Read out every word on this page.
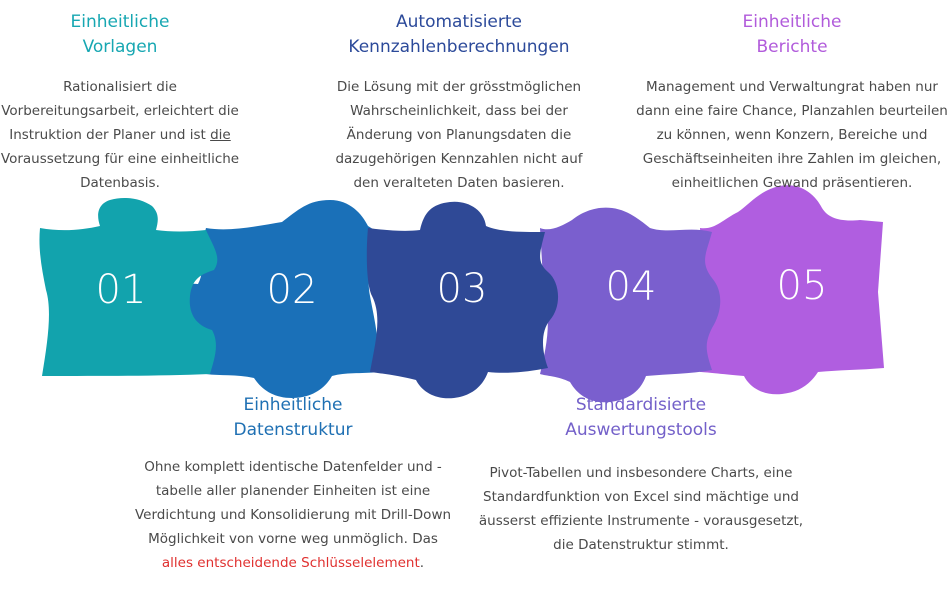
01	02	03	04	05
Einheitliche
Vorlagen
Rationalisiert die
Vorbereitungsarbeit, erleichtert die
Instruktion der Planer und ist die
Voraussetzung für eine einheitliche
Datenbasis.
Automatisierte
Kennzahlenberechnungen
Die Lösung mit der grösstmöglichen
Wahrscheinlichkeit, dass bei der
Änderung von Planungsdaten die
dazugehörigen Kennzahlen nicht auf
den veralteten Daten basieren.
Einheitliche
Berichte
Management und Verwaltungrat haben nur
dann eine faire Chance, Planzahlen beurteilen
zu können, wenn Konzern, Bereiche und
Geschäftseinheiten ihre Zahlen im gleichen,
einheitlichen Gewand präsentieren.
Einheitliche
Datenstruktur
Ohne komplett identische Datenfelder und -
tabelle aller planender Einheiten ist eine
Verdichtung und Konsolidierung mit Drill-Down
Möglichkeit von vorne weg unmöglich. Das
alles entscheidende Schlüsselelement.
Standardisierte
Auswertungstools
Pivot-Tabellen und insbesondere Charts, eine
Standardfunktion von Excel sind mächtige und
äusserst effiziente Instrumente - vorausgesetzt,
die Datenstruktur stimmt.
